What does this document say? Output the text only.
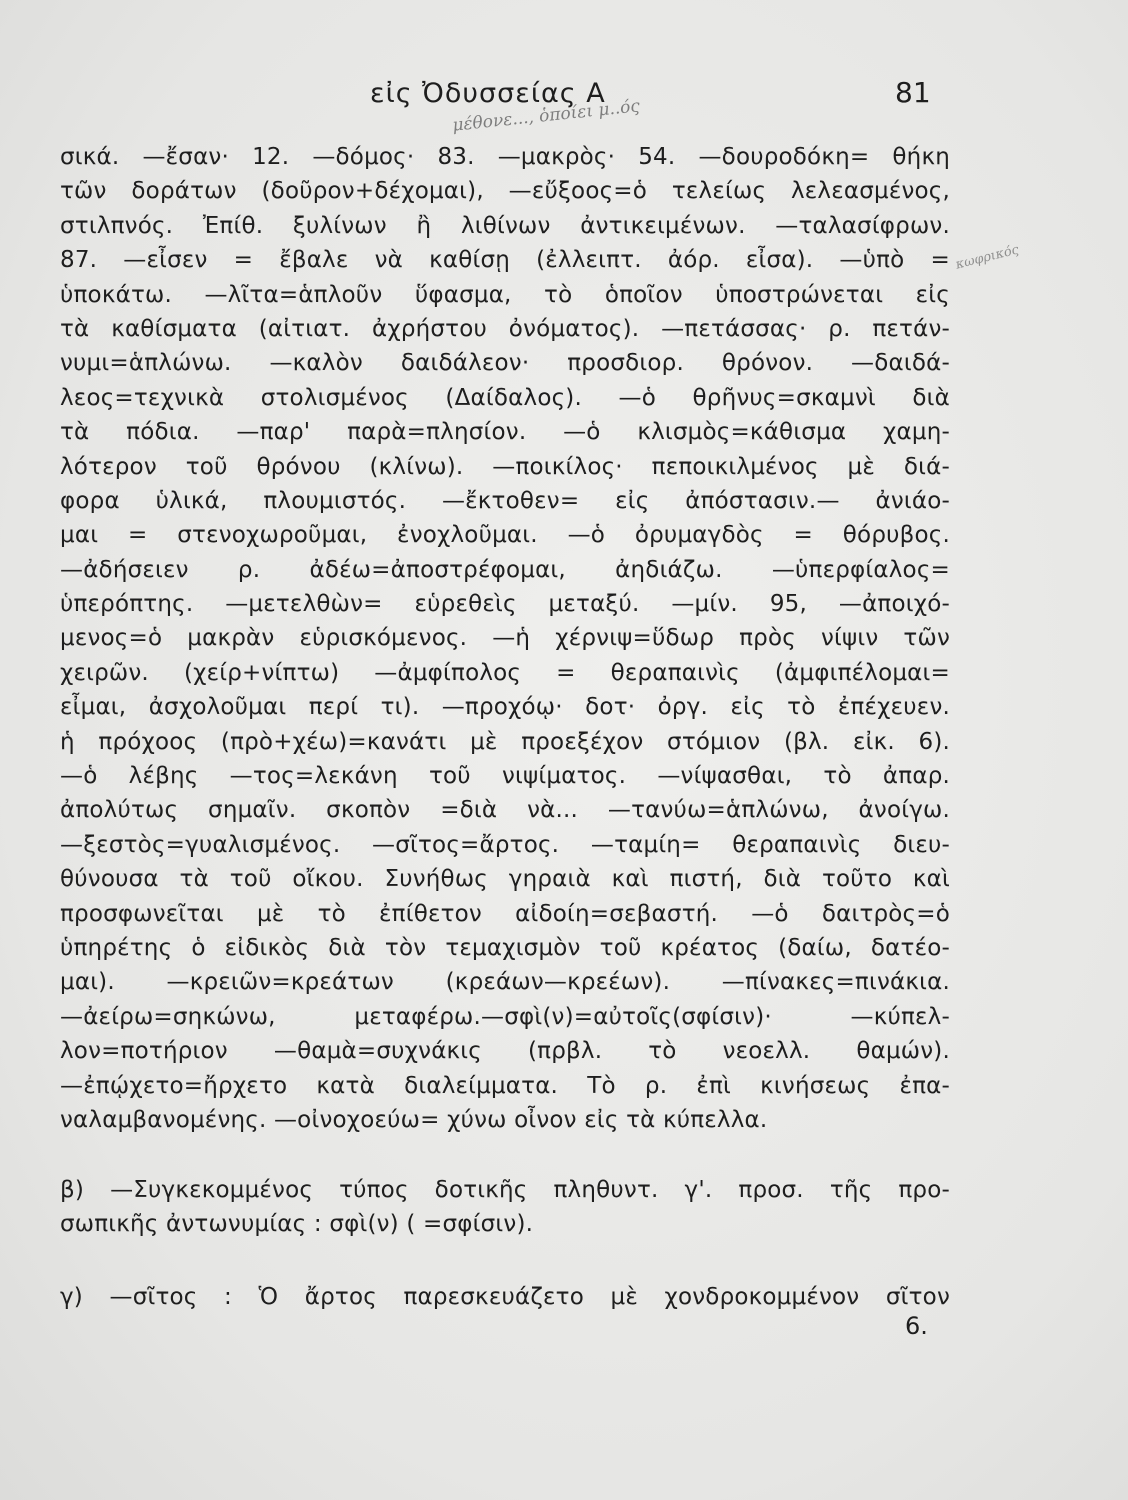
εἰς Ὀδυσσείας Α	81
μέθονε..., ὁποίει μ..ός
κωφρικός
σικά. —ἔσαν· 12. —δόμος· 83. —μακρὸς· 54. —δουροδόκη= θήκη
τῶν δοράτων (δοῦρον+δέχομαι), —εὔξοος=ὁ τελείως λελεασμένος,
στιλπνός. Ἐπίθ. ξυλίνων ἢ λιθίνων ἀντικειμένων. —ταλασίφρων.
87. —εἶσεν = ἔβαλε νὰ καθίσῃ (ἐλλειπτ. ἀόρ. εἶσα). —ὑπὸ =
ὑποκάτω. —λῖτα=ἁπλοῦν ὕφασμα, τὸ ὁποῖον ὑποστρώνεται εἰς
τὰ καθίσματα (αἰτιατ. ἀχρήστου ὀνόματος). —πετάσσας· ρ. πετάν-
νυμι=ἁπλώνω. —καλὸν δαιδάλεον· προσδιορ. θρόνον. —δαιδά-
λεος=τεχνικὰ στολισμένος (Δαίδαλος). —ὁ θρῆνυς=σκαμνὶ διὰ
τὰ πόδια. —παρ' παρὰ=πλησίον. —ὁ κλισμὸς=κάθισμα χαμη-
λότερον τοῦ θρόνου (κλίνω). —ποικίλος· πεποικιλμένος μὲ διά-
φορα ὑλικά, πλουμιστός. —ἔκτοθεν= εἰς ἀπόστασιν.— ἀνιάο-
μαι = στενοχωροῦμαι, ἐνοχλοῦμαι. —ὁ ὀρυμαγδὸς = θόρυβος.
—ἀδήσειεν ρ. ἀδέω=ἀποστρέφομαι, ἀηδιάζω. —ὑπερφίαλος=
ὑπερόπτης. —μετελθὼν= εὑρεθεὶς μεταξύ. —μίν. 95, —ἀποιχό-
μενος=ὁ μακρὰν εὑρισκόμενος. —ἡ χέρνιψ=ὕδωρ πρὸς νίψιν τῶν
χειρῶν. (χείρ+νίπτω) —ἀμφίπολος = θεραπαινὶς (ἀμφιπέλομαι=
εἶμαι, ἀσχολοῦμαι περί τι). —προχόῳ· δοτ· ὀργ. εἰς τὸ ἐπέχευεν.
ἡ πρόχοος (πρὸ+χέω)=κανάτι μὲ προεξέχον στόμιον (βλ. εἰκ. 6).
—ὁ λέβης —τος=λεκάνη τοῦ νιψίματος. —νίψασθαι, τὸ ἀπαρ.
ἀπολύτως σημαῖν. σκοπὸν =διὰ νὰ... —τανύω=ἁπλώνω, ἀνοίγω.
—ξεστὸς=γυαλισμένος. —σῖτος=ἄρτος. —ταμίη= θεραπαινὶς διευ-
θύνουσα τὰ τοῦ οἴκου. Συνήθως γηραιὰ καὶ πιστή, διὰ τοῦτο καὶ
προσφωνεῖται μὲ τὸ ἐπίθετον αἰδοίη=σεβαστή. —ὁ δαιτρὸς=ὁ
ὑπηρέτης ὁ εἰδικὸς διὰ τὸν τεμαχισμὸν τοῦ κρέατος (δαίω, δατέο-
μαι). —κρειῶν=κρεάτων (κρεάων—κρεέων). —πίνακες=πινάκια.
—ἀείρω=σηκώνω, μεταφέρω.—σφὶ(ν)=αὐτοῖς(σφίσιν)· —κύπελ-
λον=ποτήριον —θαμὰ=συχνάκις (πρβλ. τὸ νεοελλ. θαμών).
—ἐπῴχετο=ἤρχετο κατὰ διαλείμματα. Τὸ ρ. ἐπὶ κινήσεως ἐπα-
ναλαμβανομένης. —οἰνοχοεύω= χύνω οἶνον εἰς τὰ κύπελλα.
β) —Συγκεκομμένος τύπος δοτικῆς πληθυντ. γ'. προσ. τῆς προ-
σωπικῆς ἀντωνυμίας : σφὶ(ν) ( =σφίσιν).
γ) —σῖτος : Ὁ ἄρτος παρεσκευάζετο μὲ χονδροκομμένον σῖτον
6.
